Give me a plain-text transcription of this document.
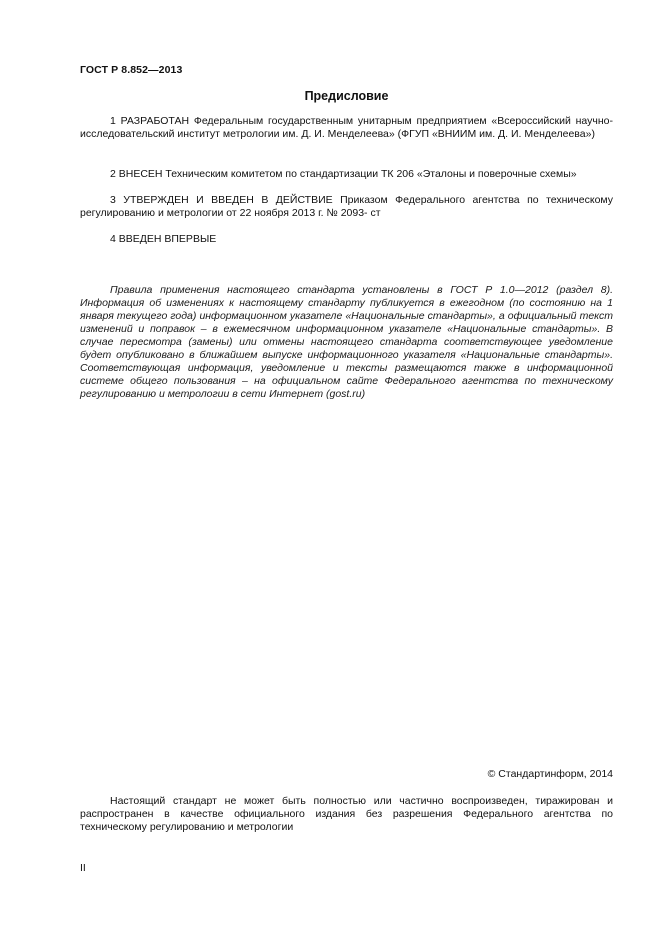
ГОСТ Р 8.852—2013
Предисловие

1 РАЗРАБОТАН Федеральным государственным унитарным предприятием «Всероссийский научно-исследовательский институт метрологии им. Д. И. Менделеева» (ФГУП «ВНИИМ им. Д. И. Менделеева»)

2 ВНЕСЕН Техническим комитетом по стандартизации ТК 206 «Эталоны и поверочные схемы»

3 УТВЕРЖДЕН И ВВЕДЕН В ДЕЙСТВИЕ Приказом Федерального агентства по техническому регулированию и метрологии от 22 ноября 2013 г. № 2093- ст

4 ВВЕДЕН ВПЕРВЫЕ

Правила применения настоящего стандарта установлены в ГОСТ Р 1.0—2012 (раздел 8). Информация об изменениях к настоящему стандарту публикуется в ежегодном (по состоянию на 1 января текущего года) информационном указателе «Национальные стандарты», а официальный текст изменений и поправок – в ежемесячном информационном указателе «Национальные стандарты». В случае пересмотра (замены) или отмены настоящего стандарта соответствующее уведомление будет опубликовано в ближайшем выпуске информационного указателя «Национальные стандарты». Соответствующая информация, уведомление и тексты размещаются также в информационной системе общего пользования – на официальном сайте Федерального агентства по техническому регулированию и метрологии в сети Интернет (gost.ru)

© Стандартинформ, 2014

Настоящий стандарт не может быть полностью или частично воспроизведен, тиражирован и распространен в качестве официального издания без разрешения Федерального агентства по техническому регулированию и метрологии

II
